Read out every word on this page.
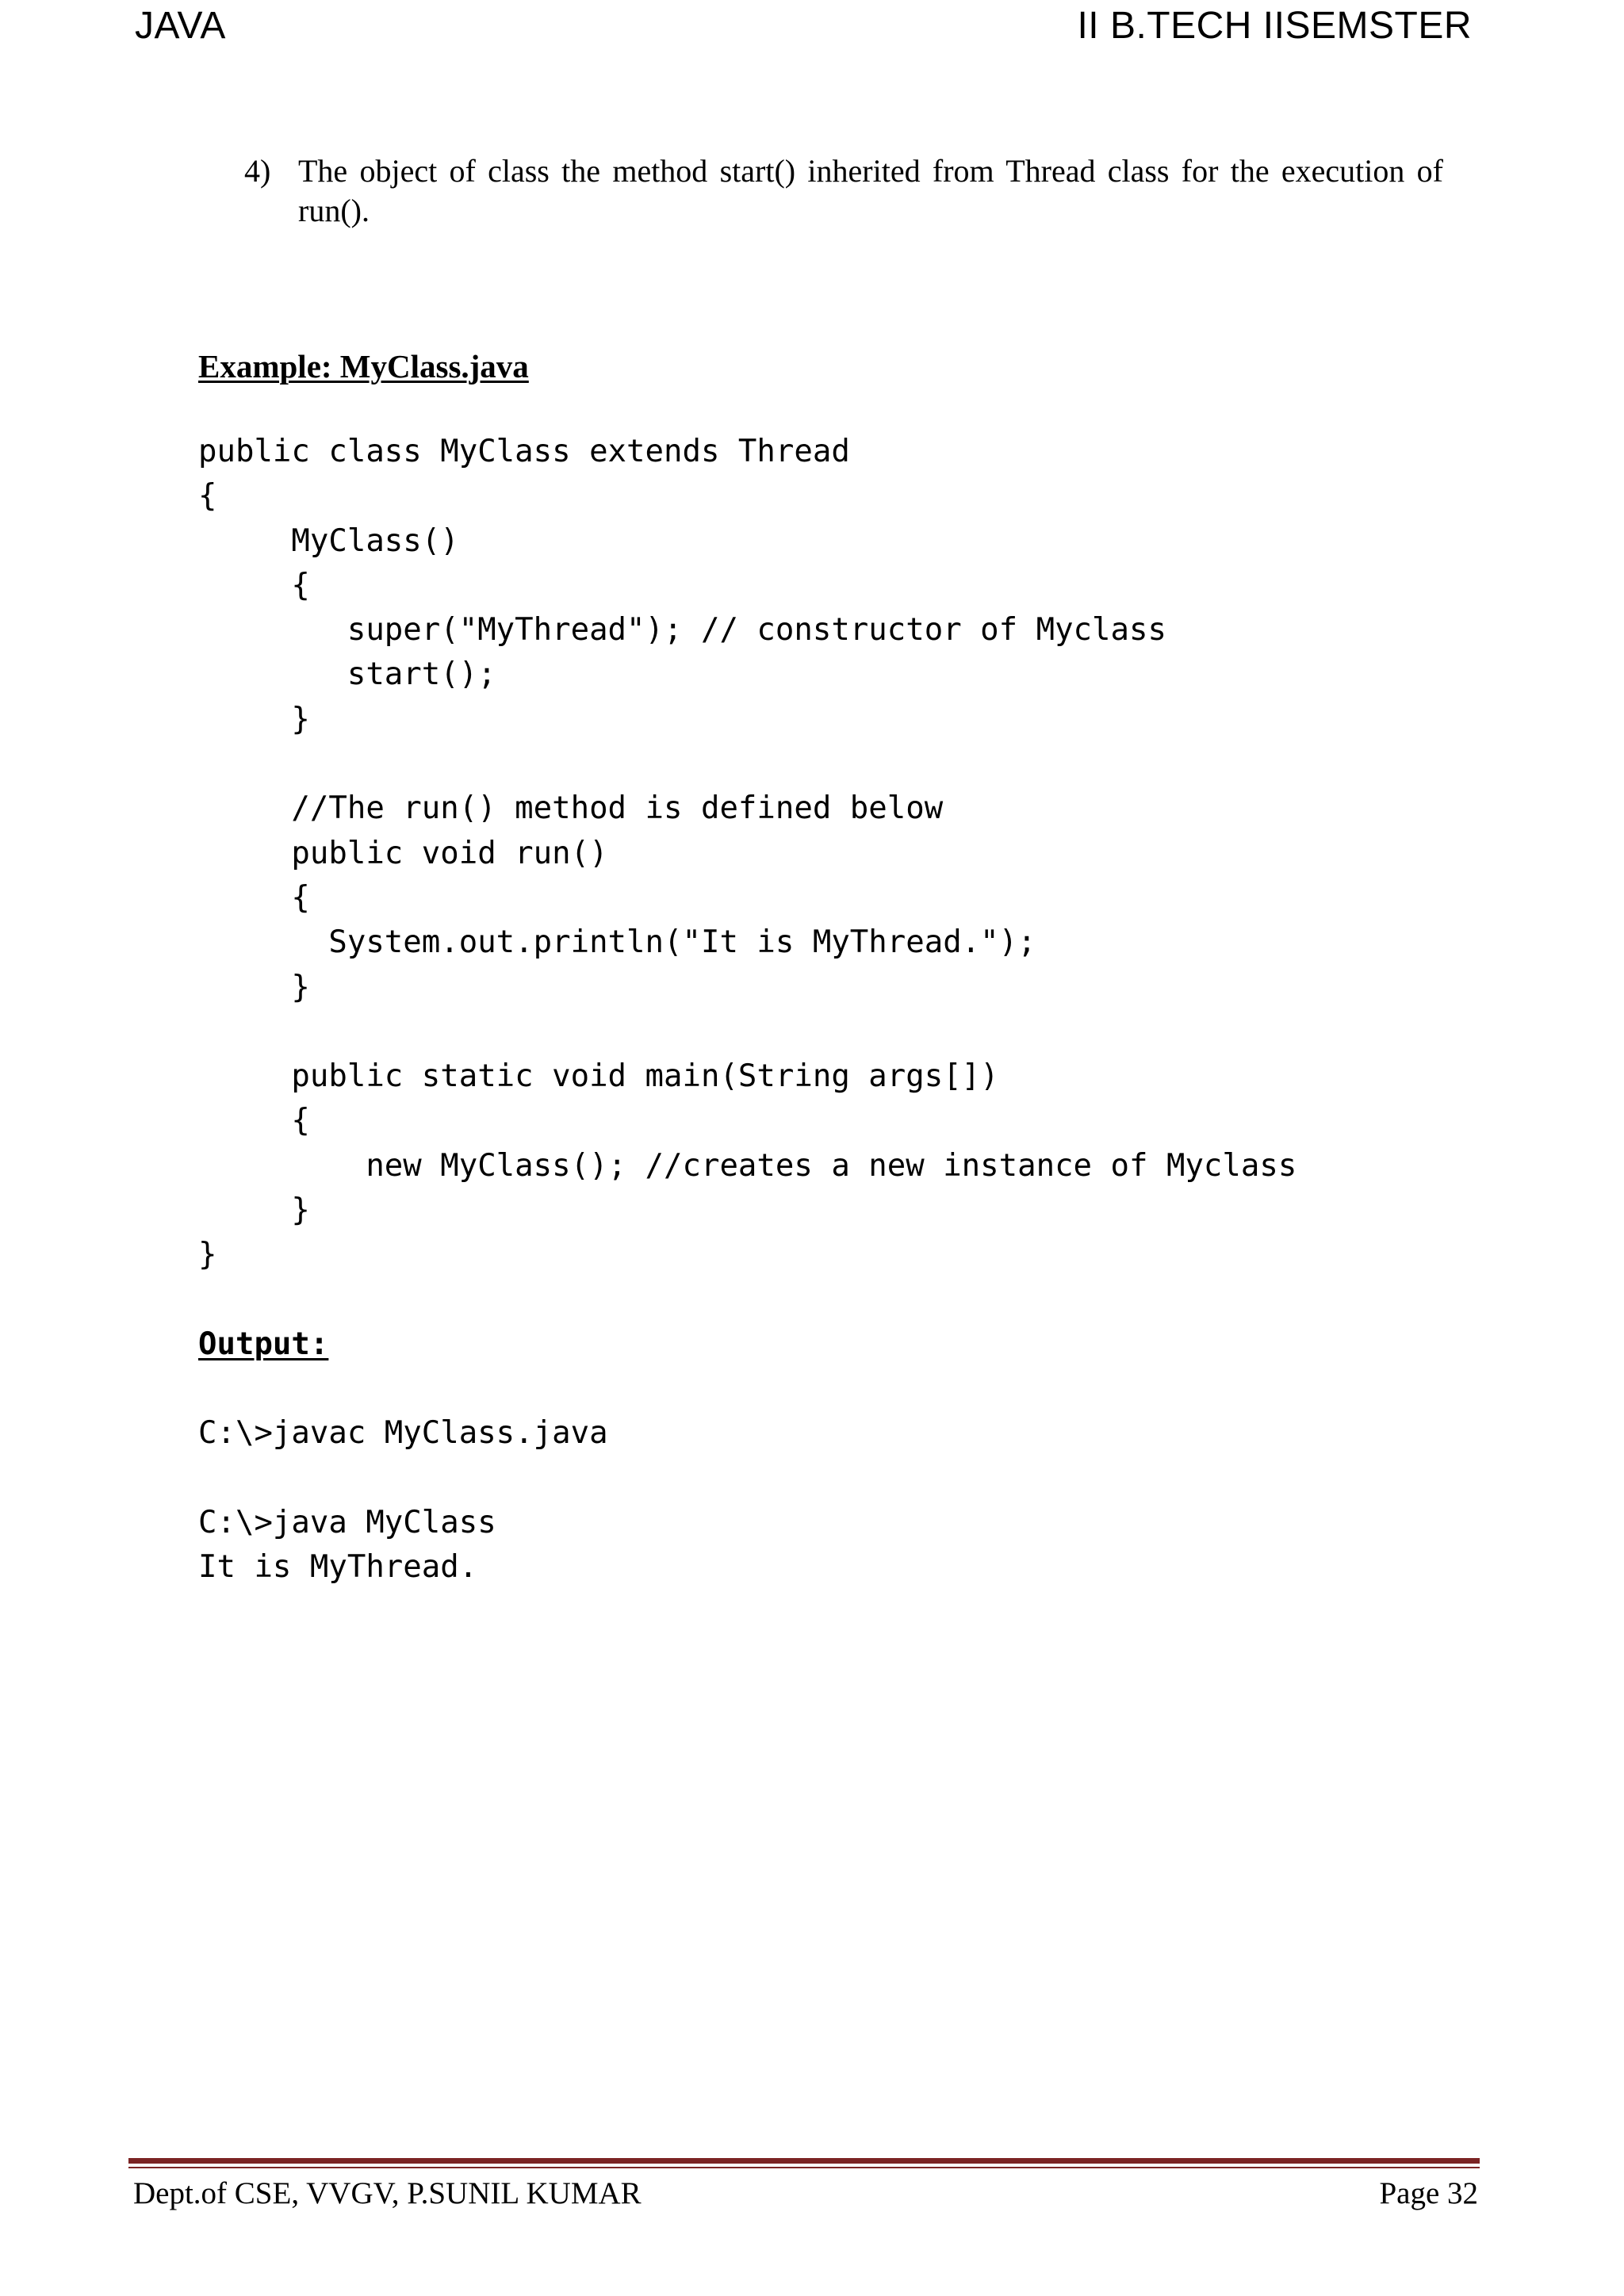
JAVA	II B.TECH IISEMSTER
4) The object of class the method start() inherited from Thread class for the execution of run().
Example: MyClass.java
public class MyClass extends Thread
{
MyClass()
{
super("MyThread"); // constructor of Myclass
start();
}
//The run() method is defined below
public void run()
{
System.out.println("It is MyThread.");
}
public static void main(String args[])
{
new MyClass(); //creates a new instance of Myclass
}
}
Output:
C:\>javac MyClass.java
C:\>java MyClass
It is MyThread.
Dept.of CSE, VVGV, P.SUNIL KUMAR	Page 32
